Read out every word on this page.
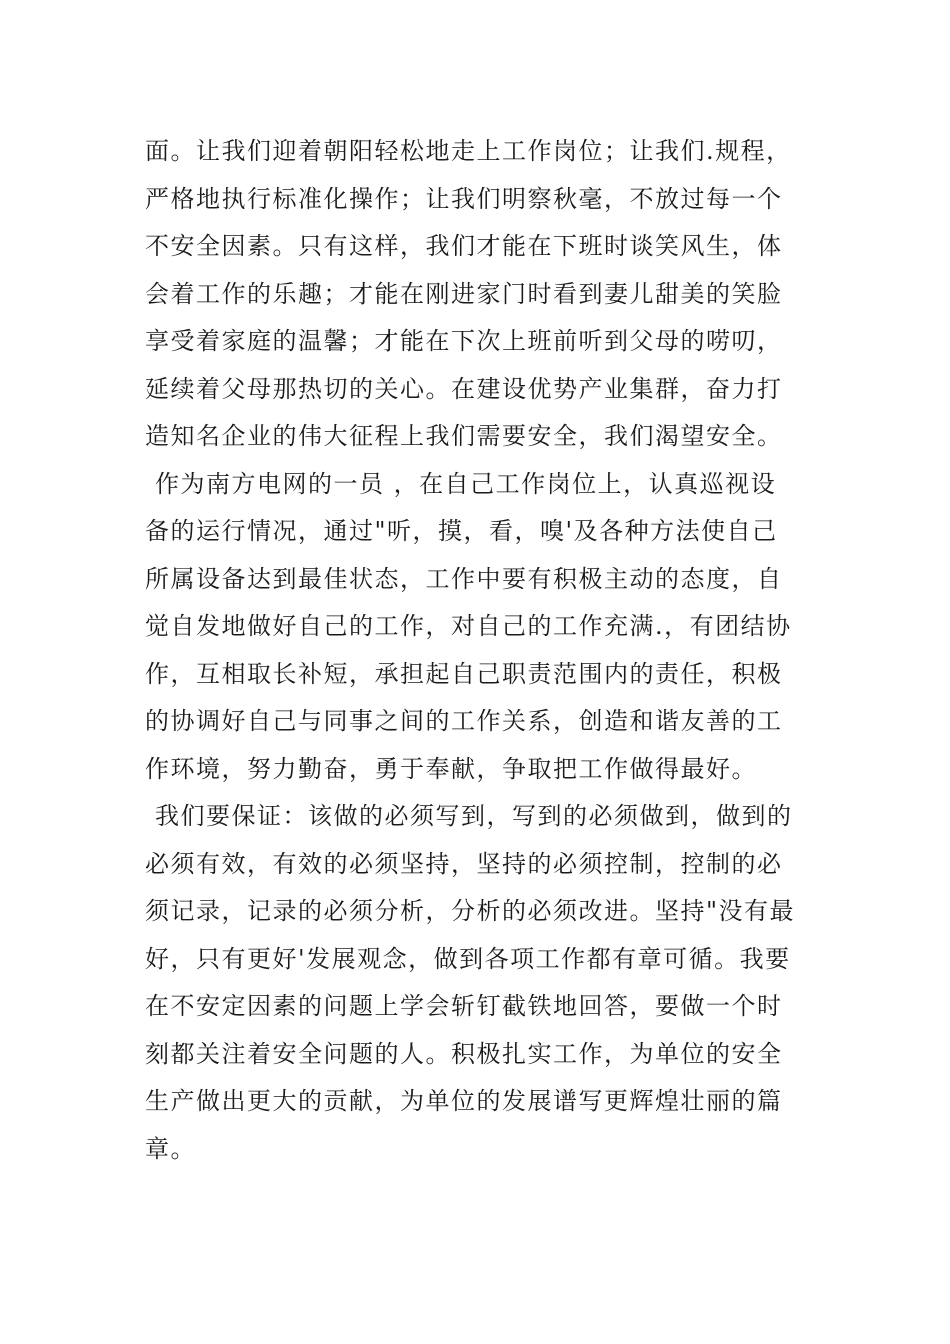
面。让我们迎着朝阳轻松地走上工作岗位；让我们.规程，
严格地执行标准化操作；让我们明察秋毫，不放过每一个
不安全因素。只有这样，我们才能在下班时谈笑风生，体
会着工作的乐趣；才能在刚进家门时看到妻儿甜美的笑脸
享受着家庭的温馨；才能在下次上班前听到父母的唠叨，
延续着父母那热切的关心。在建设优势产业集群，奋力打
造知名企业的伟大征程上我们需要安全，我们渴望安全。
作为南方电网的一员 ，在自己工作岗位上，认真巡视设
备的运行情况，通过"听，摸，看，嗅'及各种方法使自己
所属设备达到最佳状态，工作中要有积极主动的态度，自
觉自发地做好自己的工作，对自己的工作充满.，有团结协
作，互相取长补短，承担起自己职责范围内的责任，积极
的协调好自己与同事之间的工作关系，创造和谐友善的工
作环境，努力勤奋，勇于奉献，争取把工作做得最好。
我们要保证：该做的必须写到，写到的必须做到，做到的
必须有效，有效的必须坚持，坚持的必须控制，控制的必
须记录，记录的必须分析，分析的必须改进。坚持"没有最
好，只有更好'发展观念，做到各项工作都有章可循。我要
在不安定因素的问题上学会斩钉截铁地回答，要做一个时
刻都关注着安全问题的人。积极扎实工作，为单位的安全
生产做出更大的贡献，为单位的发展谱写更辉煌壮丽的篇
章。
